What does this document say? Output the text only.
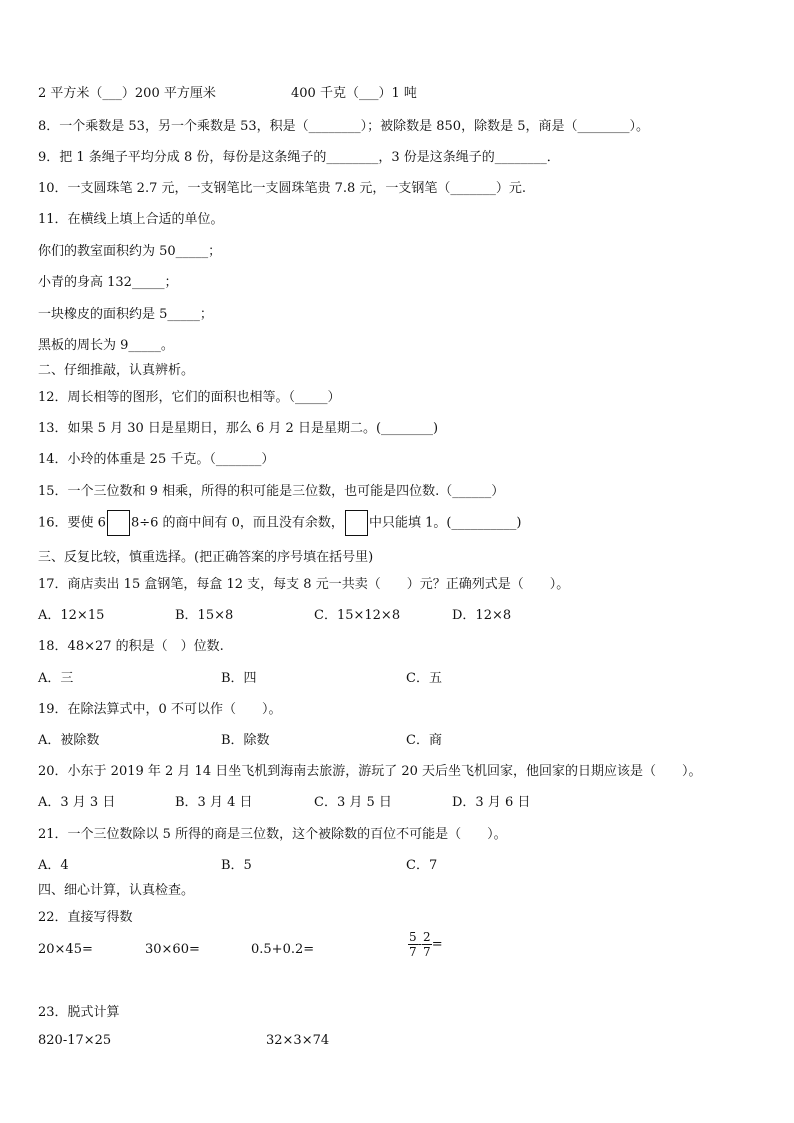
2 平方米（___）200 平方厘米	400 千克（___）1 吨
8．一个乘数是 53，另一个乘数是 53，积是（________）；被除数是 850，除数是 5，商是（________）。
9．把 1 条绳子平均分成 8 份，每份是这条绳子的________，3 份是这条绳子的________．
10．一支圆珠笔 2.7 元，一支钢笔比一支圆珠笔贵 7.8 元，一支钢笔（_______）元.
11．在横线上填上合适的单位。
你们的教室面积约为 50_____；
小青的身高 132_____；
一块橡皮的面积约是 5_____；
黑板的周长为 9_____。
二、仔细推敲，认真辨析。
12．周长相等的图形，它们的面积也相等。（_____）
13．如果 5 月 30 日是星期日，那么 6 月 2 日是星期二。(________)
14．小玲的体重是 25 千克。（_______）
15．一个三位数和 9 相乘，所得的积可能是三位数，也可能是四位数.（______）
16．要使 6 8÷6 的商中间有 0，而且没有余数， 中只能填 1。(__________)
三、反复比较，慎重选择。(把正确答案的序号填在括号里)
17．商店卖出 15 盒钢笔，每盒 12 支，每支 8 元一共卖（　　）元？正确列式是（　　）。
A．12×15	B．15×8	C．15×12×8	D．12×8
18．48×27 的积是（　）位数.
A．三	B．四	C．五
19．在除法算式中，0 不可以作（　　）。
A．被除数	B．除数	C．商
20．小东于 2019 年 2 月 14 日坐飞机到海南去旅游，游玩了 20 天后坐飞机回家，他回家的日期应该是（　　）。
A．3 月 3 日	B．3 月 4 日	C．3 月 5 日	D．3 月 6 日
21．一个三位数除以 5 所得的商是三位数，这个被除数的百位不可能是（　　）。
A．4	B．5	C．7
四、细心计算，认真检查。
22．直接写得数
20×45=	30×60=	0.5+0.2=	$\frac{5}{7} - \frac{2}{7}$ =
23．脱式计算
820-17×25	32×3×74
